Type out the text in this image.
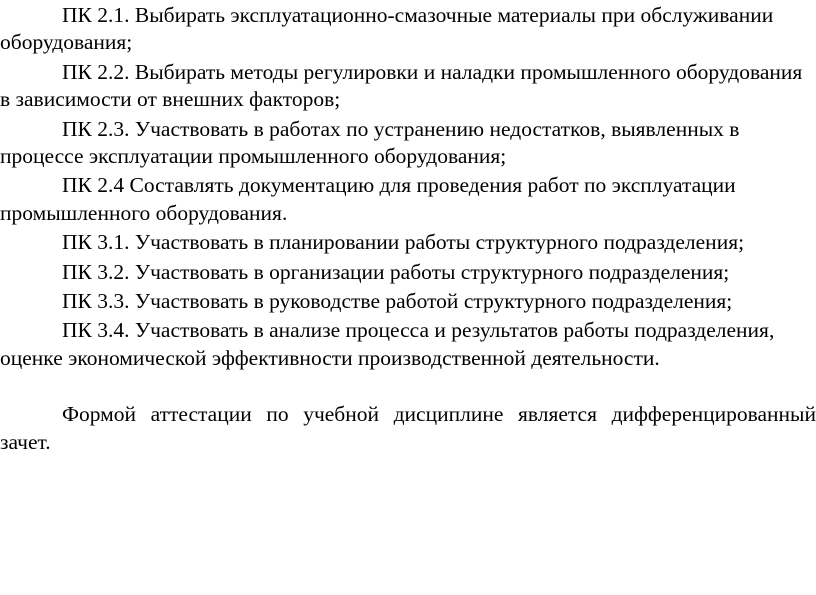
ПК 2.1. Выбирать эксплуатационно-смазочные материалы при обслуживании оборудования;

ПК 2.2. Выбирать методы регулировки и наладки промышленного оборудования в зависимости от внешних факторов;

ПК 2.3. Участвовать в работах по устранению недостатков, выявленных в процессе эксплуатации промышленного оборудования;

ПК 2.4 Составлять документацию для проведения работ по эксплуатации промышленного оборудования.

ПК 3.1. Участвовать в планировании работы структурного подразделения;

ПК 3.2. Участвовать в организации работы структурного подразделения;

ПК 3.3. Участвовать в руководстве работой структурного подразделения;

ПК 3.4. Участвовать в анализе процесса и результатов работы подразделения, оценке экономической эффективности производственной деятельности.

Формой аттестации по учебной дисциплине является дифференцированный зачет.
